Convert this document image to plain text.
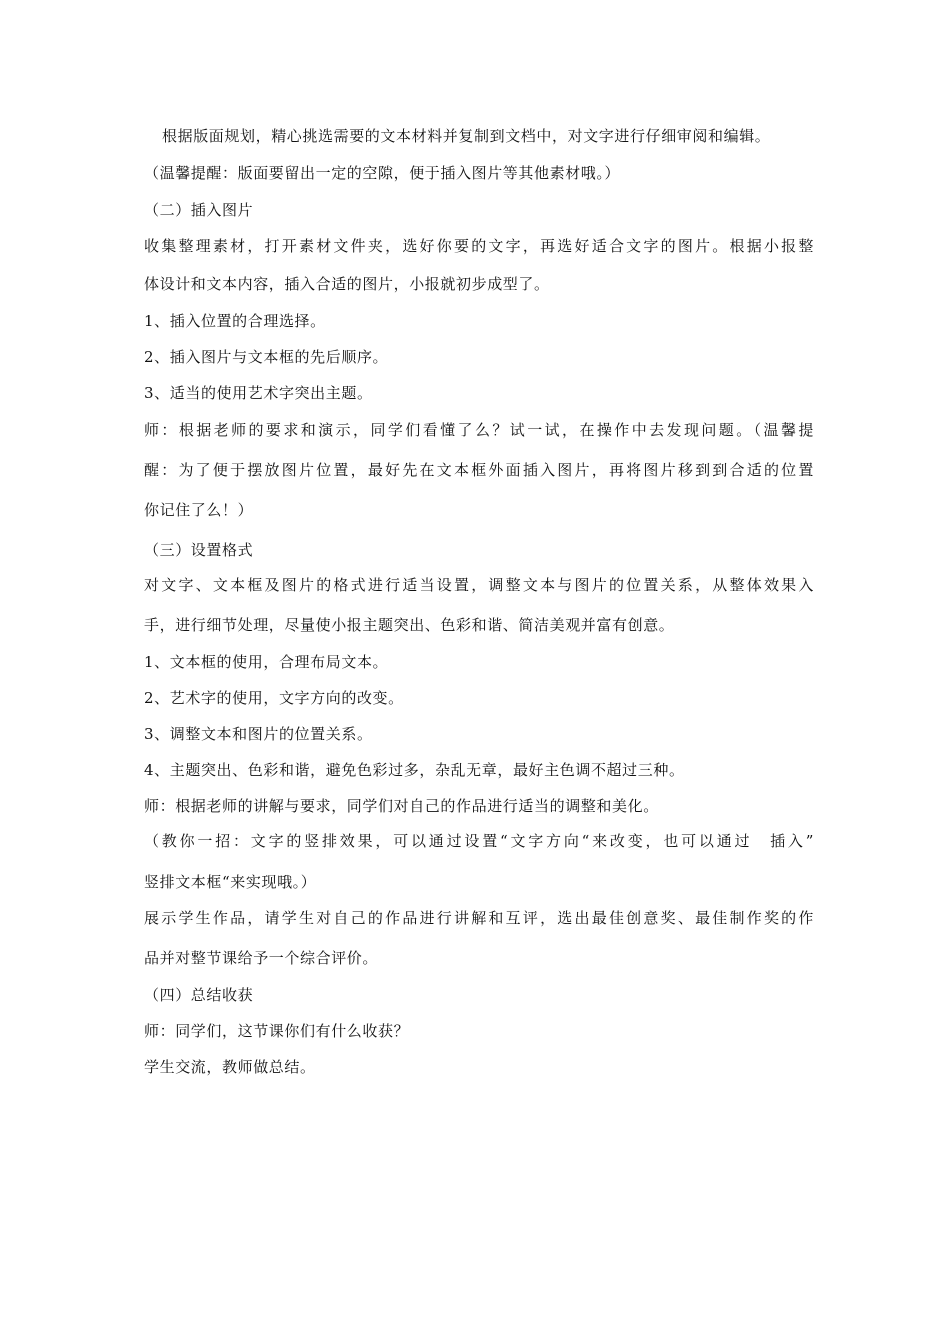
根据版面规划，精心挑选需要的文本材料并复制到文档中，对文字进行仔细审阅和编辑。
（温馨提醒：版面要留出一定的空隙，便于插入图片等其他素材哦。）
（二）插入图片
收集整理素材，打开素材文件夹，选好你要的文字，再选好适合文字的图片。根据小报整
体设计和文本内容，插入合适的图片，小报就初步成型了。
1、插入位置的合理选择。
2、插入图片与文本框的先后顺序。
3、适当的使用艺术字突出主题。
师：根据老师的要求和演示，同学们看懂了么？试一试，在操作中去发现问题。（温馨提
醒：为了便于摆放图片位置，最好先在文本框外面插入图片，再将图片移到到合适的位置
你记住了么！）
（三）设置格式
对文字、文本框及图片的格式进行适当设置，调整文本与图片的位置关系，从整体效果入
手，进行细节处理，尽量使小报主题突出、色彩和谐、简洁美观并富有创意。
1、文本框的使用，合理布局文本。
2、艺术字的使用，文字方向的改变。
3、调整文本和图片的位置关系。
4、主题突出、色彩和谐，避免色彩过多，杂乱无章，最好主色调不超过三种。
师：根据老师的讲解与要求，同学们对自己的作品进行适当的调整和美化。
（教你一招：文字的竖排效果，可以通过设置“文字方向“来改变，也可以通过　插入”
竖排文本框“来实现哦。）
展示学生作品，请学生对自己的作品进行讲解和互评，选出最佳创意奖、最佳制作奖的作
品并对整节课给予一个综合评价。
（四）总结收获
师：同学们，这节课你们有什么收获？
学生交流，教师做总结。
